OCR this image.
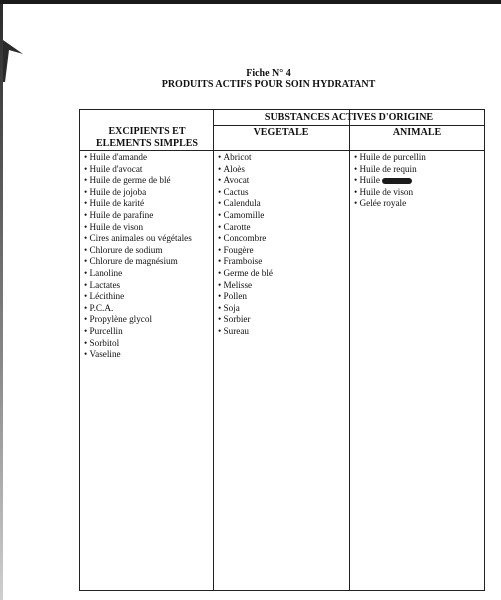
Fiche N° 4
PRODUITS ACTIFS POUR SOIN HYDRATANT
SUBSTANCES ACTIVES D'ORIGINE
EXCIPIENTS ET ELEMENTS SIMPLES
VEGETALE	ANIMALE
• Huile d'amande
• Huile d'avocat
• Huile de germe de blé
• Huile de jojoba
• Huile de karité
• Huile de parafine
• Huile de vison
• Cires animales ou végétales
• Chlorure de sodium
• Chlorure de magnésium
• Lanoline
• Lactates
• Lécithine
• P.C.A.
• Propylène glycol
• Purcellin
• Sorbitol
• Vaseline
• Abricot
• Aloès
• Avocat
• Cactus
• Calendula
• Camomille
• Carotte
• Concombre
• Fougère
• Framboise
• Germe de blé
• Melisse
• Pollen
• Soja
• Sorbier
• Sureau
• Huile de purcellin
• Huile de requin
• Huile
• Huile de vison
• Gelée royale
